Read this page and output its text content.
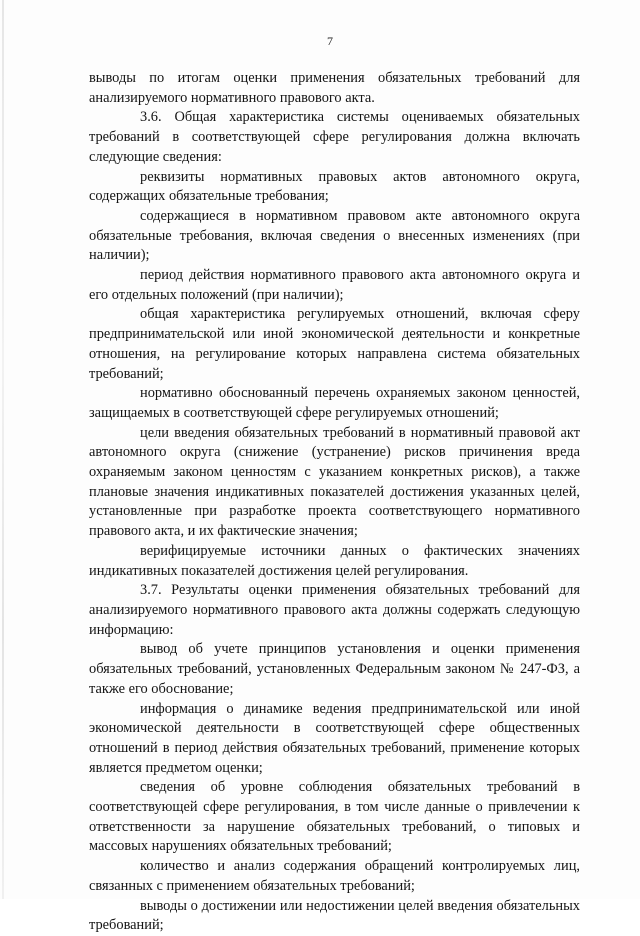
7

выводы по итогам оценки применения обязательных требований для анализируемого нормативного правового акта.

3.6. Общая характеристика системы оцениваемых обязательных требований в соответствующей сфере регулирования должна включать следующие сведения:

реквизиты нормативных правовых актов автономного округа, содержащих обязательные требования;

содержащиеся в нормативном правовом акте автономного округа обязательные требования, включая сведения о внесенных изменениях (при наличии);

период действия нормативного правового акта автономного округа и его отдельных положений (при наличии);

общая характеристика регулируемых отношений, включая сферу предпринимательской или иной экономической деятельности и конкретные отношения, на регулирование которых направлена система обязательных требований;

нормативно обоснованный перечень охраняемых законом ценностей, защищаемых в соответствующей сфере регулируемых отношений;

цели введения обязательных требований в нормативный правовой акт автономного округа (снижение (устранение) рисков причинения вреда охраняемым законом ценностям с указанием конкретных рисков), а также плановые значения индикативных показателей достижения указанных целей, установленные при разработке проекта соответствующего нормативного правового акта, и их фактические значения;

верифицируемые источники данных о фактических значениях индикативных показателей достижения целей регулирования.

3.7. Результаты оценки применения обязательных требований для анализируемого нормативного правового акта должны содержать следующую информацию:

вывод об учете принципов установления и оценки применения обязательных требований, установленных Федеральным законом № 247-ФЗ, а также его обоснование;

информация о динамике ведения предпринимательской или иной экономической деятельности в соответствующей сфере общественных отношений в период действия обязательных требований, применение которых является предметом оценки;

сведения об уровне соблюдения обязательных требований в соответствующей сфере регулирования, в том числе данные о привлечении к ответственности за нарушение обязательных требований, о типовых и массовых нарушениях обязательных требований;

количество и анализ содержания обращений контролируемых лиц, связанных с применением обязательных требований;

выводы о достижении или недостижении целей введения обязательных требований;
